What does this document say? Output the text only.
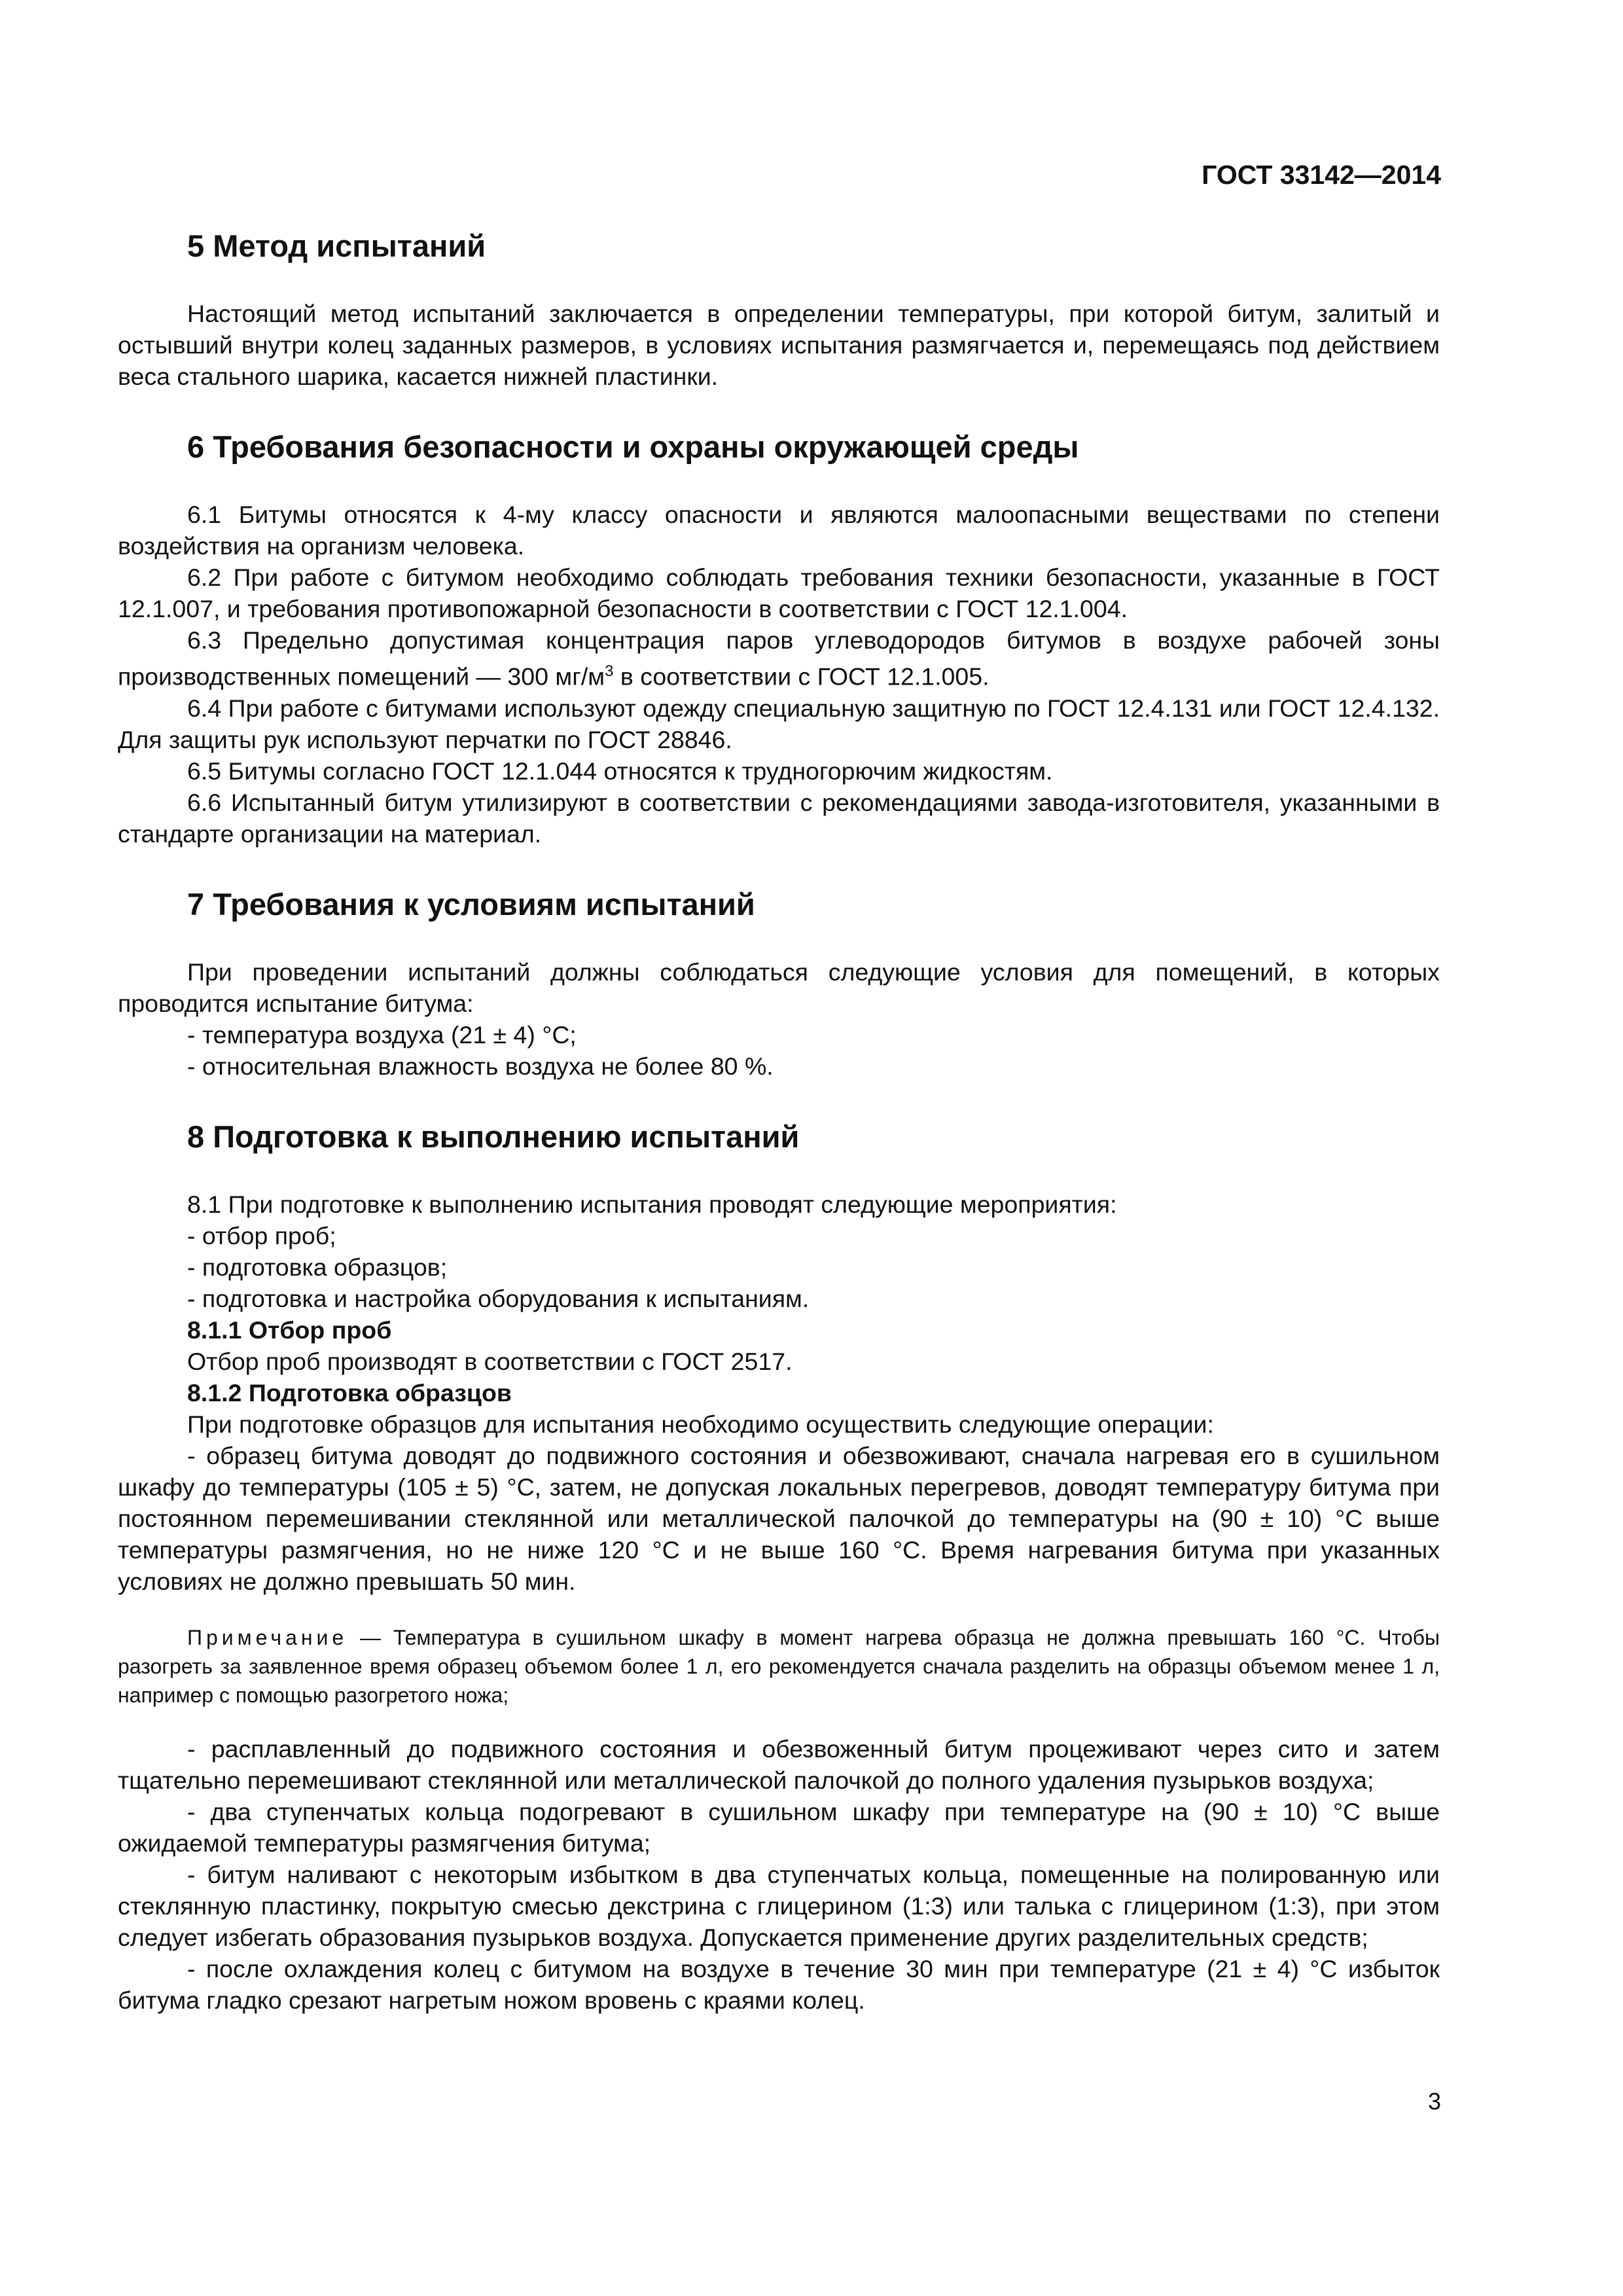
ГОСТ 33142—2014
5 Метод испытаний

Настоящий метод испытаний заключается в определении температуры, при которой битум, залитый и остывший внутри колец заданных размеров, в условиях испытания размягчается и, перемещаясь под действием веса стального шарика, касается нижней пластинки.

6 Требования безопасности и охраны окружающей среды

6.1 Битумы относятся к 4-му классу опасности и являются малоопасными веществами по степени воздействия на организм человека.

6.2 При работе с битумом необходимо соблюдать требования техники безопасности, указанные в ГОСТ 12.1.007, и требования противопожарной безопасности в соответствии с ГОСТ 12.1.004.

6.3 Предельно допустимая концентрация паров углеводородов битумов в воздухе рабочей зоны производственных помещений — 300 $мг/м^3$ в соответствии с ГОСТ 12.1.005.

6.4 При работе с битумами используют одежду специальную защитную по ГОСТ 12.4.131 или ГОСТ 12.4.132. Для защиты рук используют перчатки по ГОСТ 28846.

6.5 Битумы согласно ГОСТ 12.1.044 относятся к трудногорючим жидкостям.

6.6 Испытанный битум утилизируют в соответствии с рекомендациями завода-изготовителя, указанными в стандарте организации на материал.

7 Требования к условиям испытаний

При проведении испытаний должны соблюдаться следующие условия для помещений, в которых проводится испытание битума:

- температура воздуха (21 ± 4) °С;

- относительная влажность воздуха не более 80 %.

8 Подготовка к выполнению испытаний

8.1 При подготовке к выполнению испытания проводят следующие мероприятия:

- отбор проб;

- подготовка образцов;

- подготовка и настройка оборудования к испытаниям.

8.1.1 Отбор проб

Отбор проб производят в соответствии с ГОСТ 2517.

8.1.2 Подготовка образцов

При подготовке образцов для испытания необходимо осуществить следующие операции:

- образец битума доводят до подвижного состояния и обезвоживают, сначала нагревая его в сушильном шкафу до температуры (105 ± 5) °С, затем, не допуская локальных перегревов, доводят температуру битума при постоянном перемешивании стеклянной или металлической палочкой до температуры на (90 ± 10) °С выше температуры размягчения, но не ниже 120 °С и не выше 160 °С. Время нагревания битума при указанных условиях не должно превышать 50 мин.

Примечание — Температура в сушильном шкафу в момент нагрева образца не должна превышать 160 °С. Чтобы разогреть за заявленное время образец объемом более 1 л, его рекомендуется сначала разделить на образцы объемом менее 1 л, например с помощью разогретого ножа;

- расплавленный до подвижного состояния и обезвоженный битум процеживают через сито и затем тщательно перемешивают стеклянной или металлической палочкой до полного удаления пузырьков воздуха;

- два ступенчатых кольца подогревают в сушильном шкафу при температуре на (90 ± 10) °С выше ожидаемой температуры размягчения битума;

- битум наливают с некоторым избытком в два ступенчатых кольца, помещенные на полированную или стеклянную пластинку, покрытую смесью декстрина с глицерином (1:3) или талька с глицерином (1:3), при этом следует избегать образования пузырьков воздуха. Допускается применение других разделительных средств;

- после охлаждения колец с битумом на воздухе в течение 30 мин при температуре (21 ± 4) °С избыток битума гладко срезают нагретым ножом вровень с краями колец.

3
